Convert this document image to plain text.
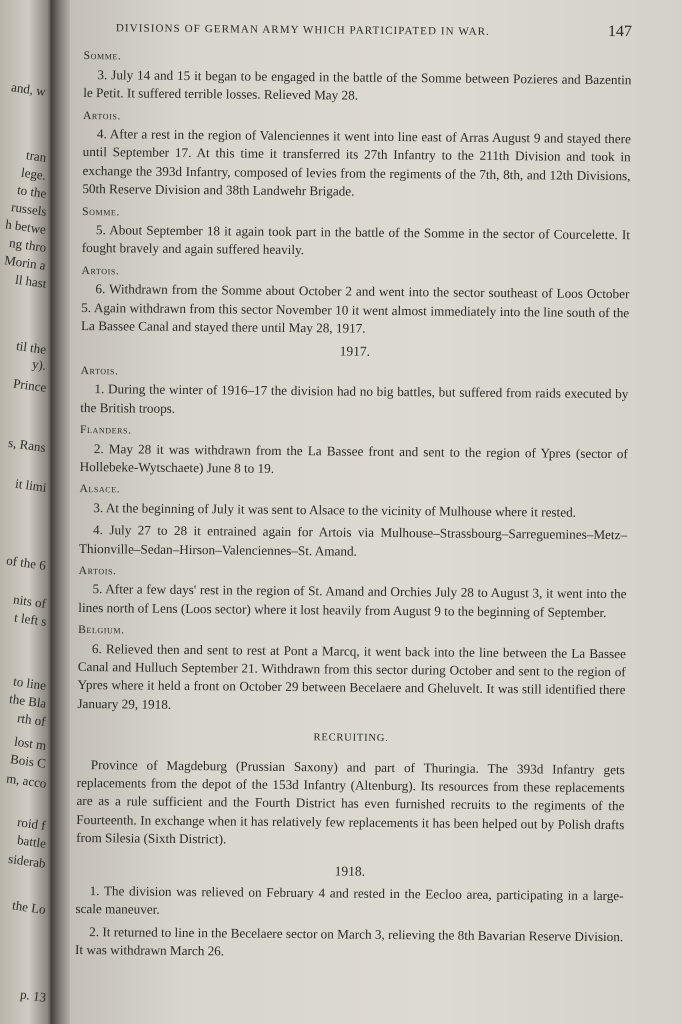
and, w
tran
lege.
to the
russels
h betwe
ng thro
Morin a
ll hast
til the
y).
Prince
s, Rans
it limi
of the 6
nits of
t left s
to line
the Bla
rth of
lost m
Bois C
m, acco
roid f
battle
siderab
the Lo
p. 13
DIVISIONS OF GERMAN ARMY WHICH PARTICIPATED IN WAR.	147
Somme.

3. July 14 and 15 it began to be engaged in the battle of the Somme between Pozieres and Bazentin le Petit. It suffered terrible losses. Relieved May 28.

Artois.

4. After a rest in the region of Valenciennes it went into line east of Arras August 9 and stayed there until September 17. At this time it transferred its 27th Infantry to the 211th Division and took in exchange the 393d Infantry, composed of levies from the regiments of the 7th, 8th, and 12th Divisions, 50th Reserve Division and 38th Landwehr Brigade.

Somme.

5. About September 18 it again took part in the battle of the Somme in the sector of Courcelette. It fought bravely and again suffered heavily.

Artois.

6. Withdrawn from the Somme about October 2 and went into the sector southeast of Loos October 5. Again withdrawn from this sector November 10 it went almost immediately into the line south of the La Bassee Canal and stayed there until May 28, 1917.

1917.
Artois.

1. During the winter of 1916–17 the division had no big battles, but suffered from raids executed by the British troops.

Flanders.

2. May 28 it was withdrawn from the La Bassee front and sent to the region of Ypres (sector of Hollebeke-Wytschaete) June 8 to 19.

Alsace.

3. At the beginning of July it was sent to Alsace to the vicinity of Mulhouse where it rested.

4. July 27 to 28 it entrained again for Artois via Mulhouse–Strassbourg–Sarreguemines–Metz–Thionville–Sedan–Hirson–Valenciennes–St. Amand.

Artois.

5. After a few days' rest in the region of St. Amand and Orchies July 28 to August 3, it went into the lines north of Lens (Loos sector) where it lost heavily from August 9 to the beginning of September.

Belgium.

6. Relieved then and sent to rest at Pont a Marcq, it went back into the line between the La Bassee Canal and Hulluch September 21. Withdrawn from this sector during October and sent to the region of Ypres where it held a front on October 29 between Becelaere and Gheluvelt. It was still identified there January 29, 1918.

RECRUITING.

Province of Magdeburg (Prussian Saxony) and part of Thuringia. The 393d Infantry gets replacements from the depot of the 153d Infantry (Altenburg). Its resources from these replacements are as a rule sufficient and the Fourth District has even furnished recruits to the regiments of the Fourteenth. In exchange when it has relatively few replacements it has been helped out by Polish drafts from Silesia (Sixth District).

1918.

1. The division was relieved on February 4 and rested in the Eecloo area, participating in a large-scale maneuver.

2. It returned to line in the Becelaere sector on March 3, relieving the 8th Bavarian Reserve Division. It was withdrawn March 26.
